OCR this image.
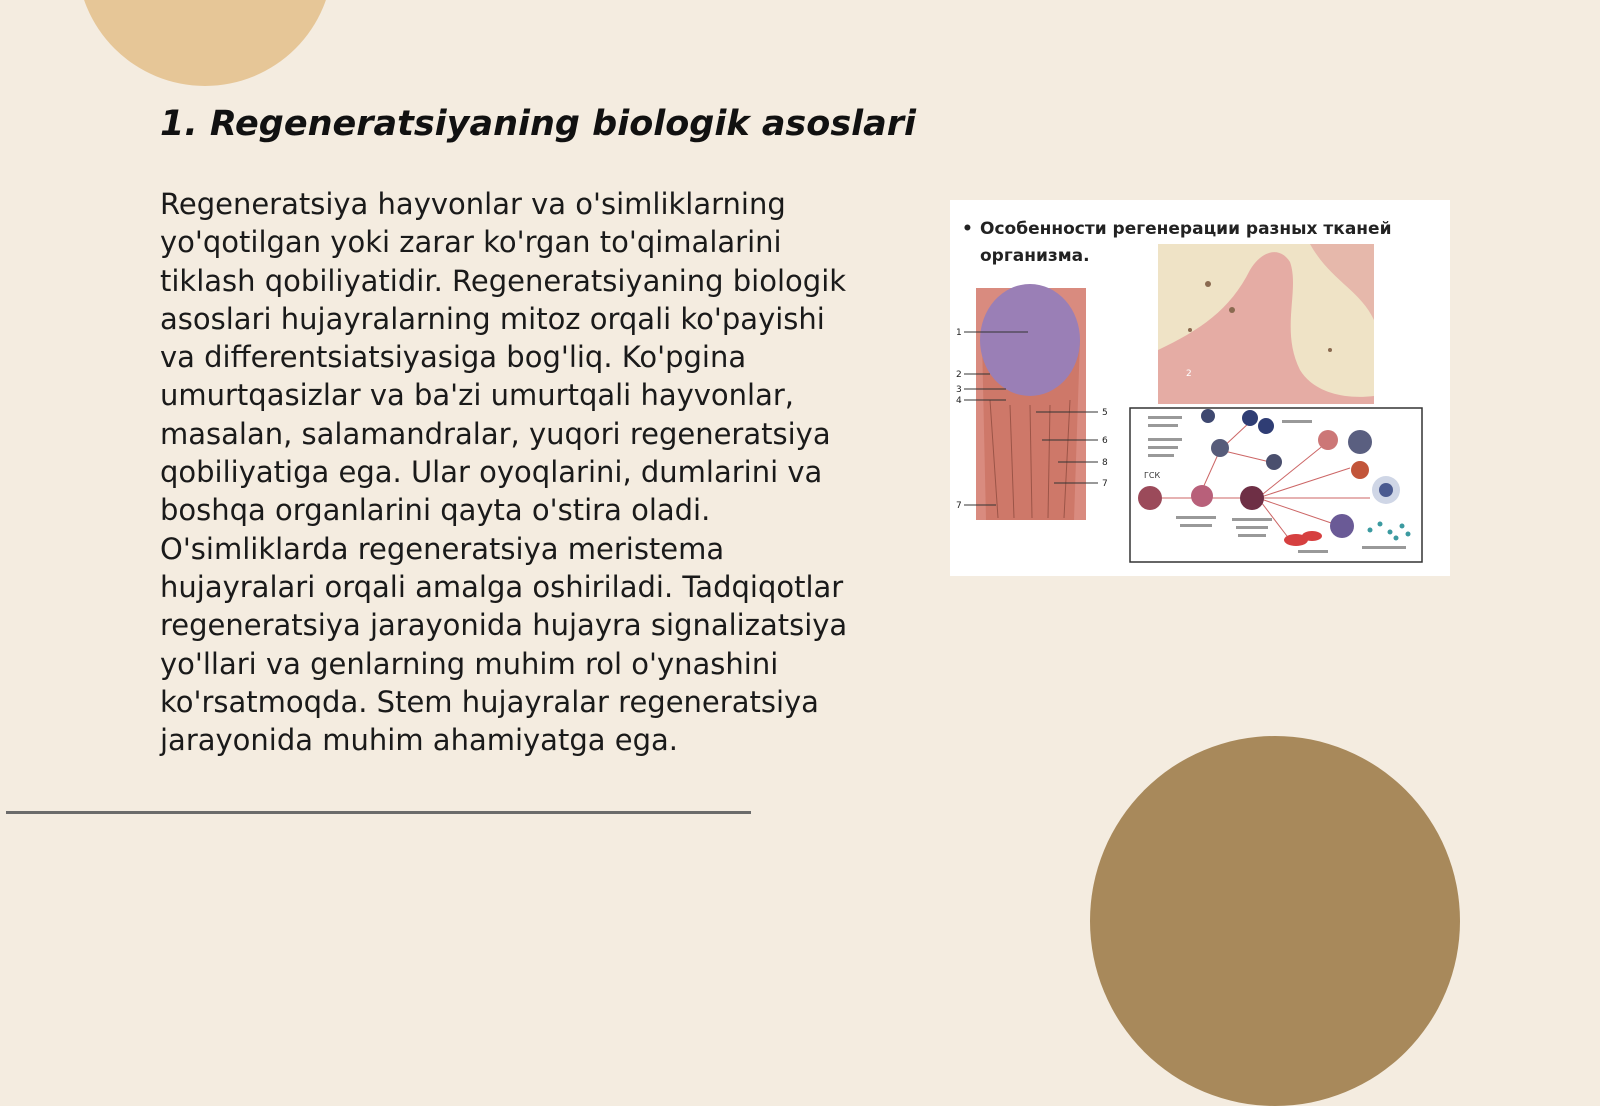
1. Regeneratsiyaning biologik asoslari

Regeneratsiya hayvonlar va o'simliklarning yo'qotilgan yoki zarar ko'rgan to'qimalarini tiklash qobiliyatidir. Regeneratsiyaning biologik asoslari hujayralarning mitoz orqali ko'payishi va differentsiatsiyasiga bog'liq. Ko'pgina umurtqasizlar va ba'zi umurtqali hayvonlar, masalan, salamandralar, yuqori regeneratsiya qobiliyatiga ega. Ular oyoqlarini, dumlarini va boshqa organlarini qayta o'stira oladi. O'simliklarda regeneratsiya meristema hujayralari orqali amalga oshiriladi. Tadqiqotlar regeneratsiya jarayonida hujayra signalizatsiya yo'llari va genlarning muhim rol o'ynashini ko'rsatmoqda. Stem hujayralar regeneratsiya jarayonida muhim ahamiyatga ega.

1
2
3
4
5
6
8
7
7
2
ГСК
• Особенности регенерации разных тканей организма.
